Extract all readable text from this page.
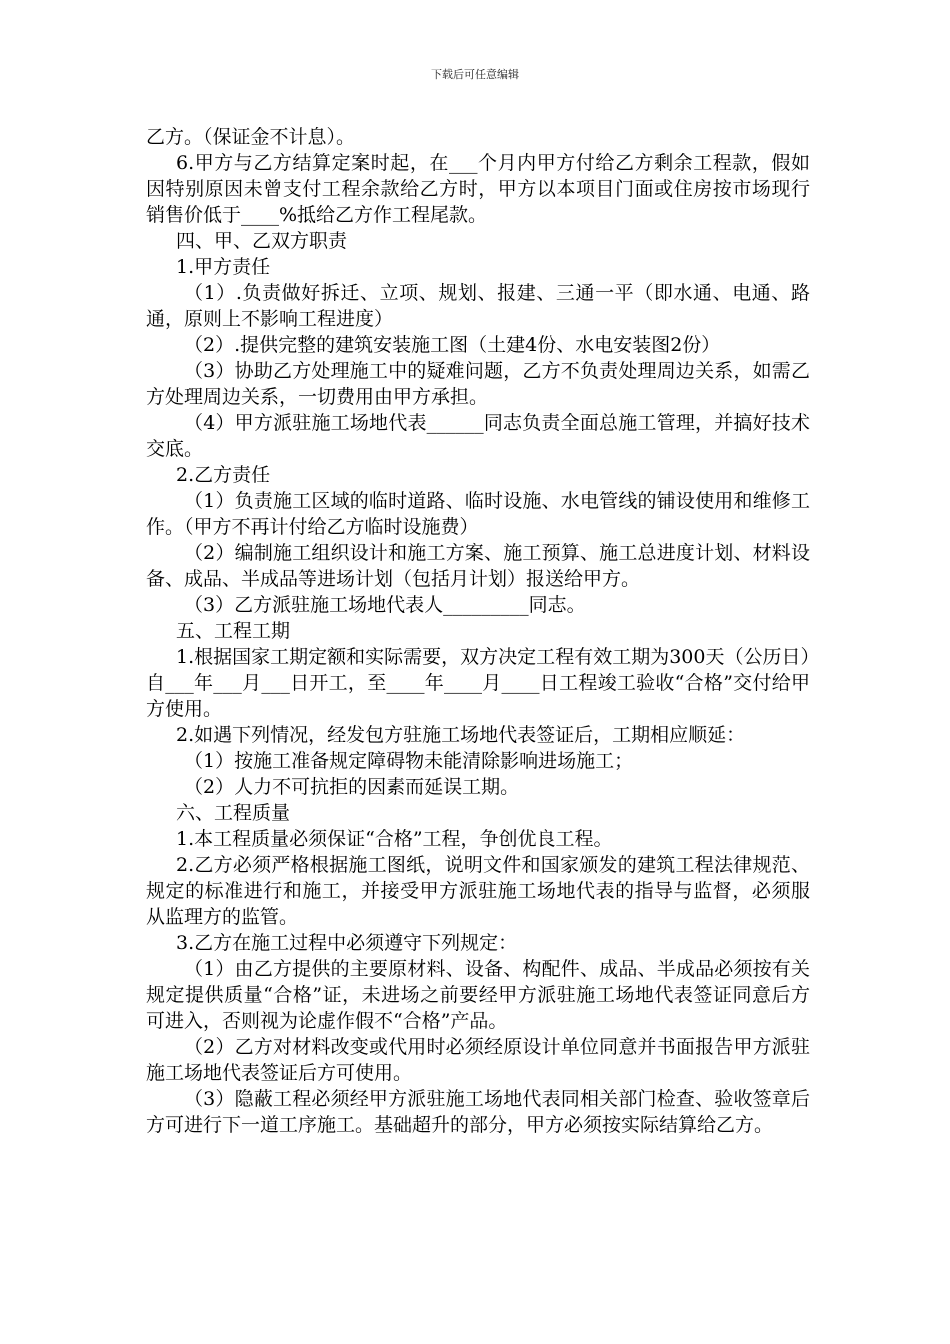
下载后可任意编辑

乙方。（保证金不计息）。

6.甲方与乙方结算定案时起，在___个月内甲方付给乙方剩余工程款，假如因特别原因未曾支付工程余款给乙方时，甲方以本项目门面或住房按市场现行销售价低于____%抵给乙方作工程尾款。

四、甲、乙双方职责

1.甲方责任

（1）.负责做好拆迁、立项、规划、报建、三通一平（即水通、电通、路通，原则上不影响工程进度）

（2）.提供完整的建筑安装施工图（土建4份、水电安装图2份）

（3）协助乙方处理施工中的疑难问题，乙方不负责处理周边关系，如需乙方处理周边关系，一切费用由甲方承担。

（4）甲方派驻施工场地代表______同志负责全面总施工管理，并搞好技术交底。

2.乙方责任

（1）负责施工区域的临时道路、临时设施、水电管线的铺设使用和维修工作。（甲方不再计付给乙方临时设施费）

（2）编制施工组织设计和施工方案、施工预算、施工总进度计划、材料设备、成品、半成品等进场计划（包括月计划）报送给甲方。

（3）乙方派驻施工场地代表人_________同志。

五、工程工期

1.根据国家工期定额和实际需要，双方决定工程有效工期为300天（公历日）自___年___月___日开工，至____年____月____日工程竣工验收“合格”交付给甲方使用。

2.如遇下列情况，经发包方驻施工场地代表签证后，工期相应顺延：

（1）按施工准备规定障碍物未能清除影响进场施工；

（2）人力不可抗拒的因素而延误工期。

六、工程质量

1.本工程质量必须保证“合格”工程，争创优良工程。

2.乙方必须严格根据施工图纸，说明文件和国家颁发的建筑工程法律规范、规定的标准进行和施工，并接受甲方派驻施工场地代表的指导与监督，必须服从监理方的监管。

3.乙方在施工过程中必须遵守下列规定：

（1）由乙方提供的主要原材料、设备、构配件、成品、半成品必须按有关规定提供质量“合格”证，未进场之前要经甲方派驻施工场地代表签证同意后方可进入，否则视为论虚作假不“合格”产品。

（2）乙方对材料改变或代用时必须经原设计单位同意并书面报告甲方派驻施工场地代表签证后方可使用。

（3）隐蔽工程必须经甲方派驻施工场地代表同相关部门检查、验收签章后方可进行下一道工序施工。基础超升的部分，甲方必须按实际结算给乙方。
